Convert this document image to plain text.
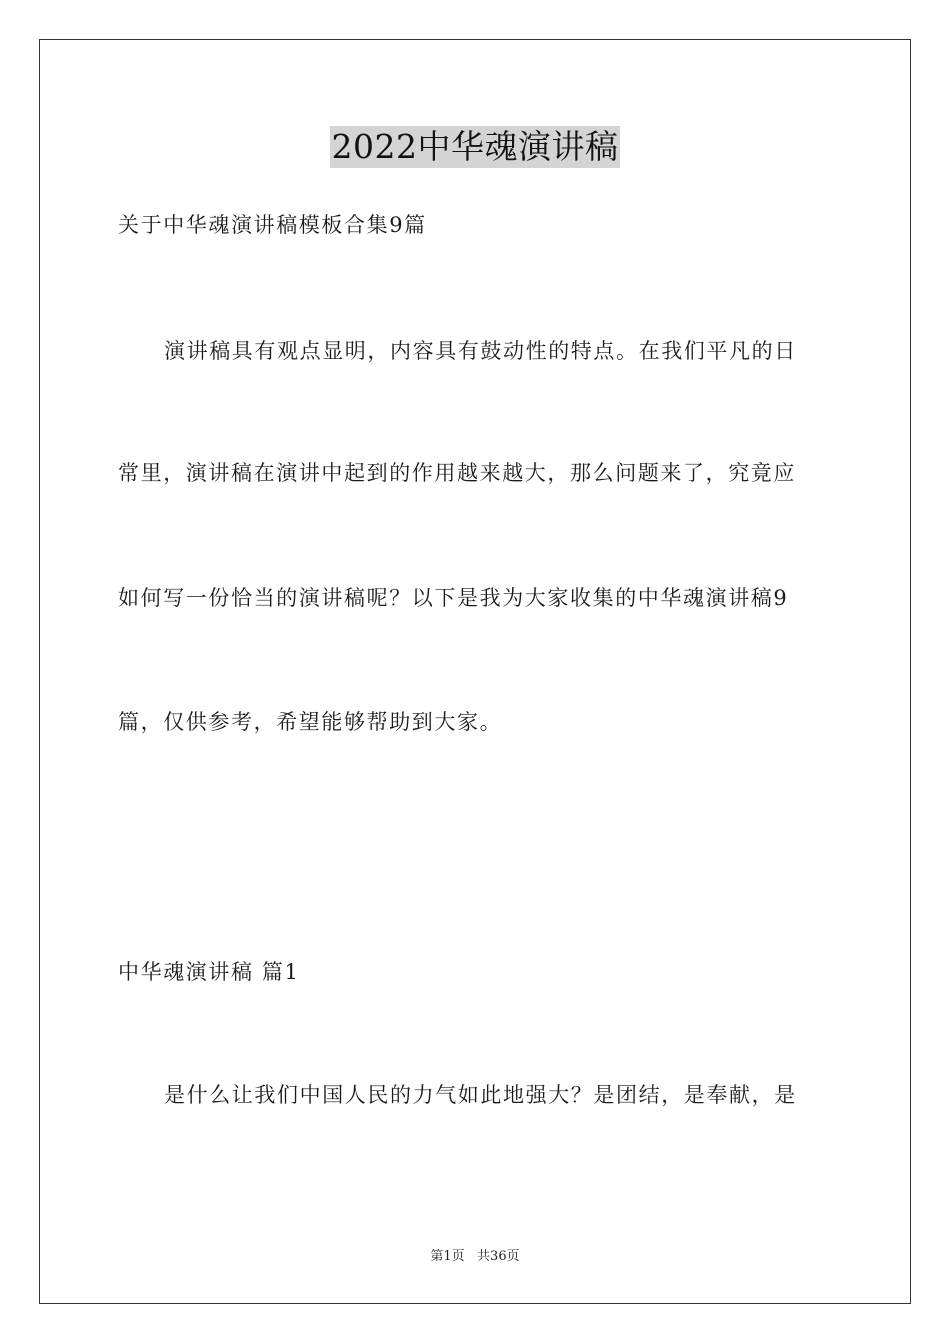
2022中华魂演讲稿
关于中华魂演讲稿模板合集9篇
演讲稿具有观点显明，内容具有鼓动性的特点。在我们平凡的日
常里，演讲稿在演讲中起到的作用越来越大，那么问题来了，究竟应
如何写一份恰当的演讲稿呢？以下是我为大家收集的中华魂演讲稿9
篇，仅供参考，希望能够帮助到大家。
中华魂演讲稿 篇1
是什么让我们中国人民的力气如此地强大？是团结，是奉献，是
第1页   共36页
